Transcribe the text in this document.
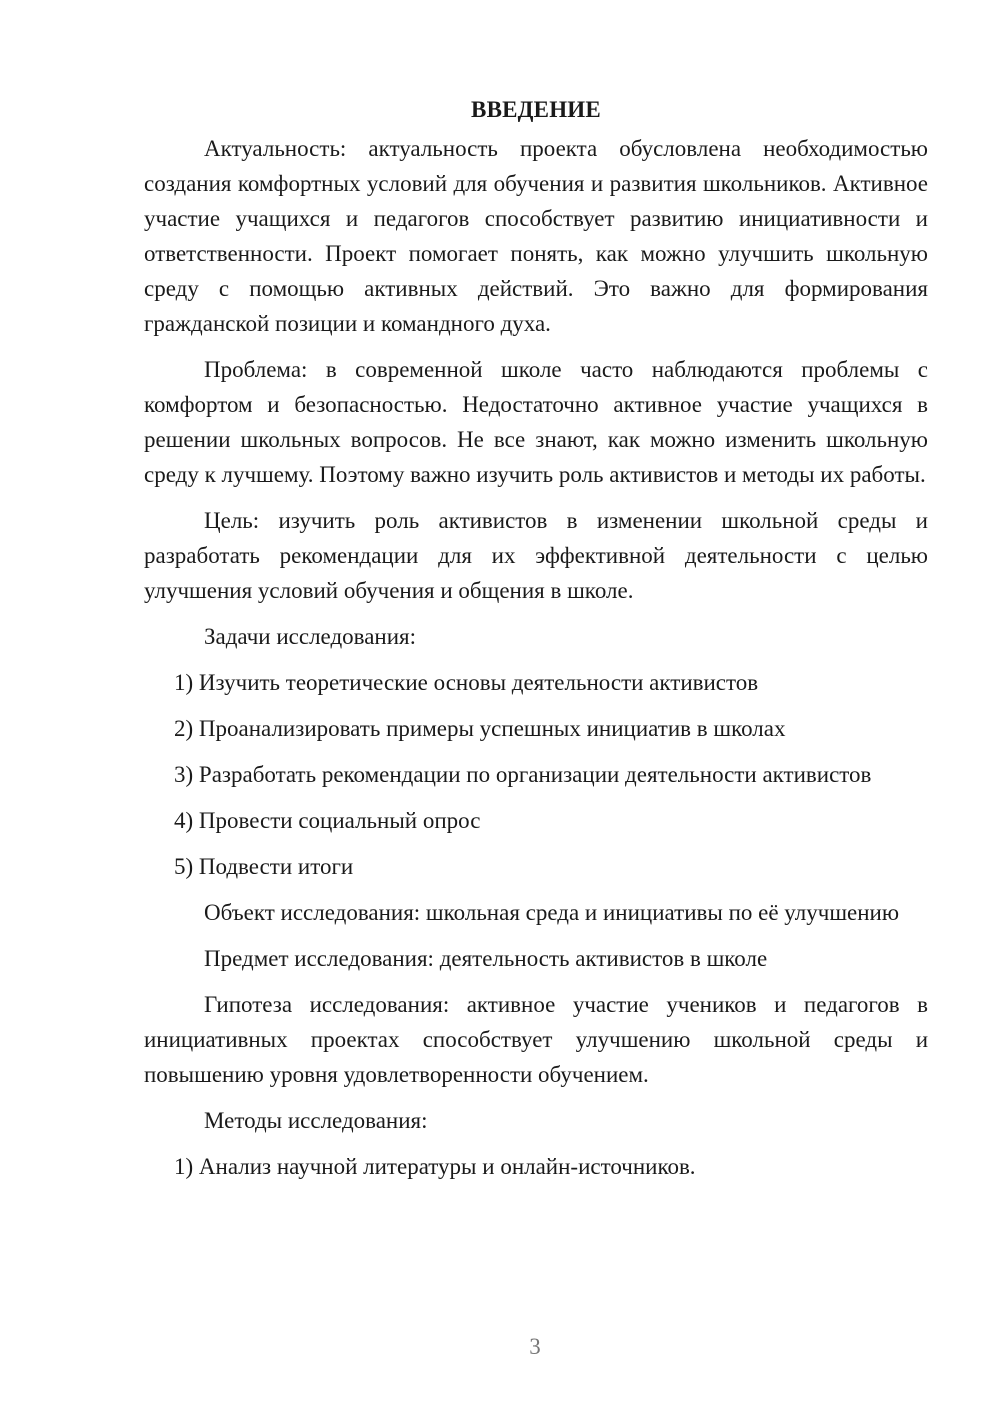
ВВЕДЕНИЕ

Актуальность: актуальность проекта обусловлена необходимостью создания комфортных условий для обучения и развития школьников. Активное участие учащихся и педагогов способствует развитию инициативности и ответственности. Проект помогает понять, как можно улучшить школьную среду с помощью активных действий. Это важно для формирования гражданской позиции и командного духа.

Проблема: в современной школе часто наблюдаются проблемы с комфортом и безопасностью. Недостаточно активное участие учащихся в решении школьных вопросов. Не все знают, как можно изменить школьную среду к лучшему. Поэтому важно изучить роль активистов и методы их работы.

Цель: изучить роль активистов в изменении школьной среды и разработать рекомендации для их эффективной деятельности с целью улучшения условий обучения и общения в школе.

Задачи исследования:

1) Изучить теоретические основы деятельности активистов

2) Проанализировать примеры успешных инициатив в школах

3) Разработать рекомендации по организации деятельности активистов

4) Провести социальный опрос

5) Подвести итоги

Объект исследования: школьная среда и инициативы по её улучшению

Предмет исследования: деятельность активистов в школе

Гипотеза исследования: активное участие учеников и педагогов в инициативных проектах способствует улучшению школьной среды и повышению уровня удовлетворенности обучением.

Методы исследования:

1) Анализ научной литературы и онлайн-источников.

3
